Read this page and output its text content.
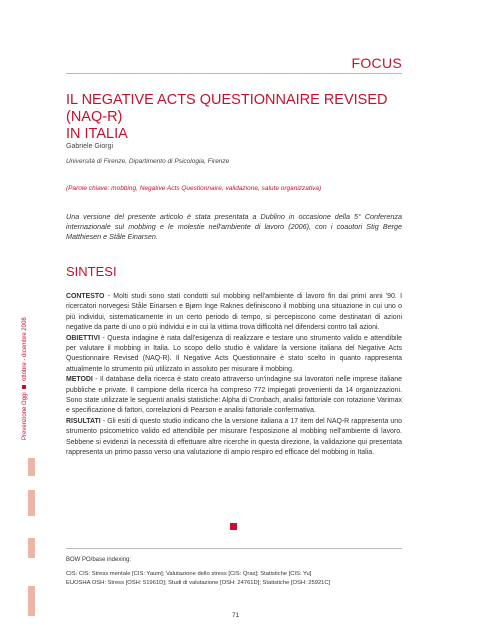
FOCUS
IL NEGATIVE ACTS QUESTIONNAIRE REVISED (NAQ-R)
IN ITALIA
Gabriele Giorgi
Università di Firenze, Dipartimento di Psicologia, Firenze
(Parole chiave: mobbing, Negative Acts Questionnaire, validazione, salute organizzativa)
Una versione del presente articolo è stata presentata a Dublino in occasione della 5° Conferenza internazionale sul mobbing e le molestie nell'ambiente di lavoro (2006), con i coautori Stig Berge Matthiesen e Ståle Einarsen.
SINTESI

CONTESTO - Molti studi sono stati condotti sul mobbing nell'ambiente di lavoro fin dai primi anni '90. I ricercatori norvegesi Ståle Einarsen e Bjørn Inge Raknes definiscono il mobbing una situazione in cui uno o più individui, sistematicamente in un certo periodo di tempo, si percepiscono come destinatari di azioni negative da parte di uno o più individui e in cui la vittima trova difficoltà nel difendersi contro tali azioni.

OBIETTIVI - Questa indagine è nata dall'esigenza di realizzare e testare uno strumento valido e attendibile per valutare il mobbing in Italia. Lo scopo dello studio è validare la versione italiana del Negative Acts Questionnaire Revised (NAQ-R). Il Negative Acts Questionnaire è stato scelto in quanto rappresenta attualmente lo strumento più utilizzato in assoluto per misurare il mobbing.

METODI - Il database della ricerca è stato creato attraverso un'indagine sui lavoratori nelle imprese italiane pubbliche e private. Il campione della ricerca ha compreso 772 impiegati provenienti da 14 organizzazioni. Sono state utilizzate le seguenti analisi statistiche: Alpha di Cronbach, analisi fattoriale con rotazione Varimax e specificazione di fattori, correlazioni di Pearson e analisi fattoriale confermativa.

RISULTATI - Gli esiti di questo studio indicano che la versione italiana a 17 item del NAQ-R rappresenta uno strumento psicometrico valido ed attendibile per misurare l'esposizione al mobbing nell'ambiente di lavoro. Sebbene si evidenzi la necessità di effettuare altre ricerche in questa direzione, la validazione qui presentata rappresenta un primo passo verso una valutazione di ampio respiro ed efficace del mobbing in Italia.

Prevenzione Oggi  ottobre - dicembre 2008
BOW PO/base indexing:
CIS: CIS: Stress mentale [CIS: Yaum]; Valutazione dello stress [CIS: Qrax]; Statistiche [CIS: Yu]
EUOSHA OSH: Stress [OSH: 51961D]; Studi di valutazione [OSH: 24761D]; Statistiche [OSH: 25921C]
71
